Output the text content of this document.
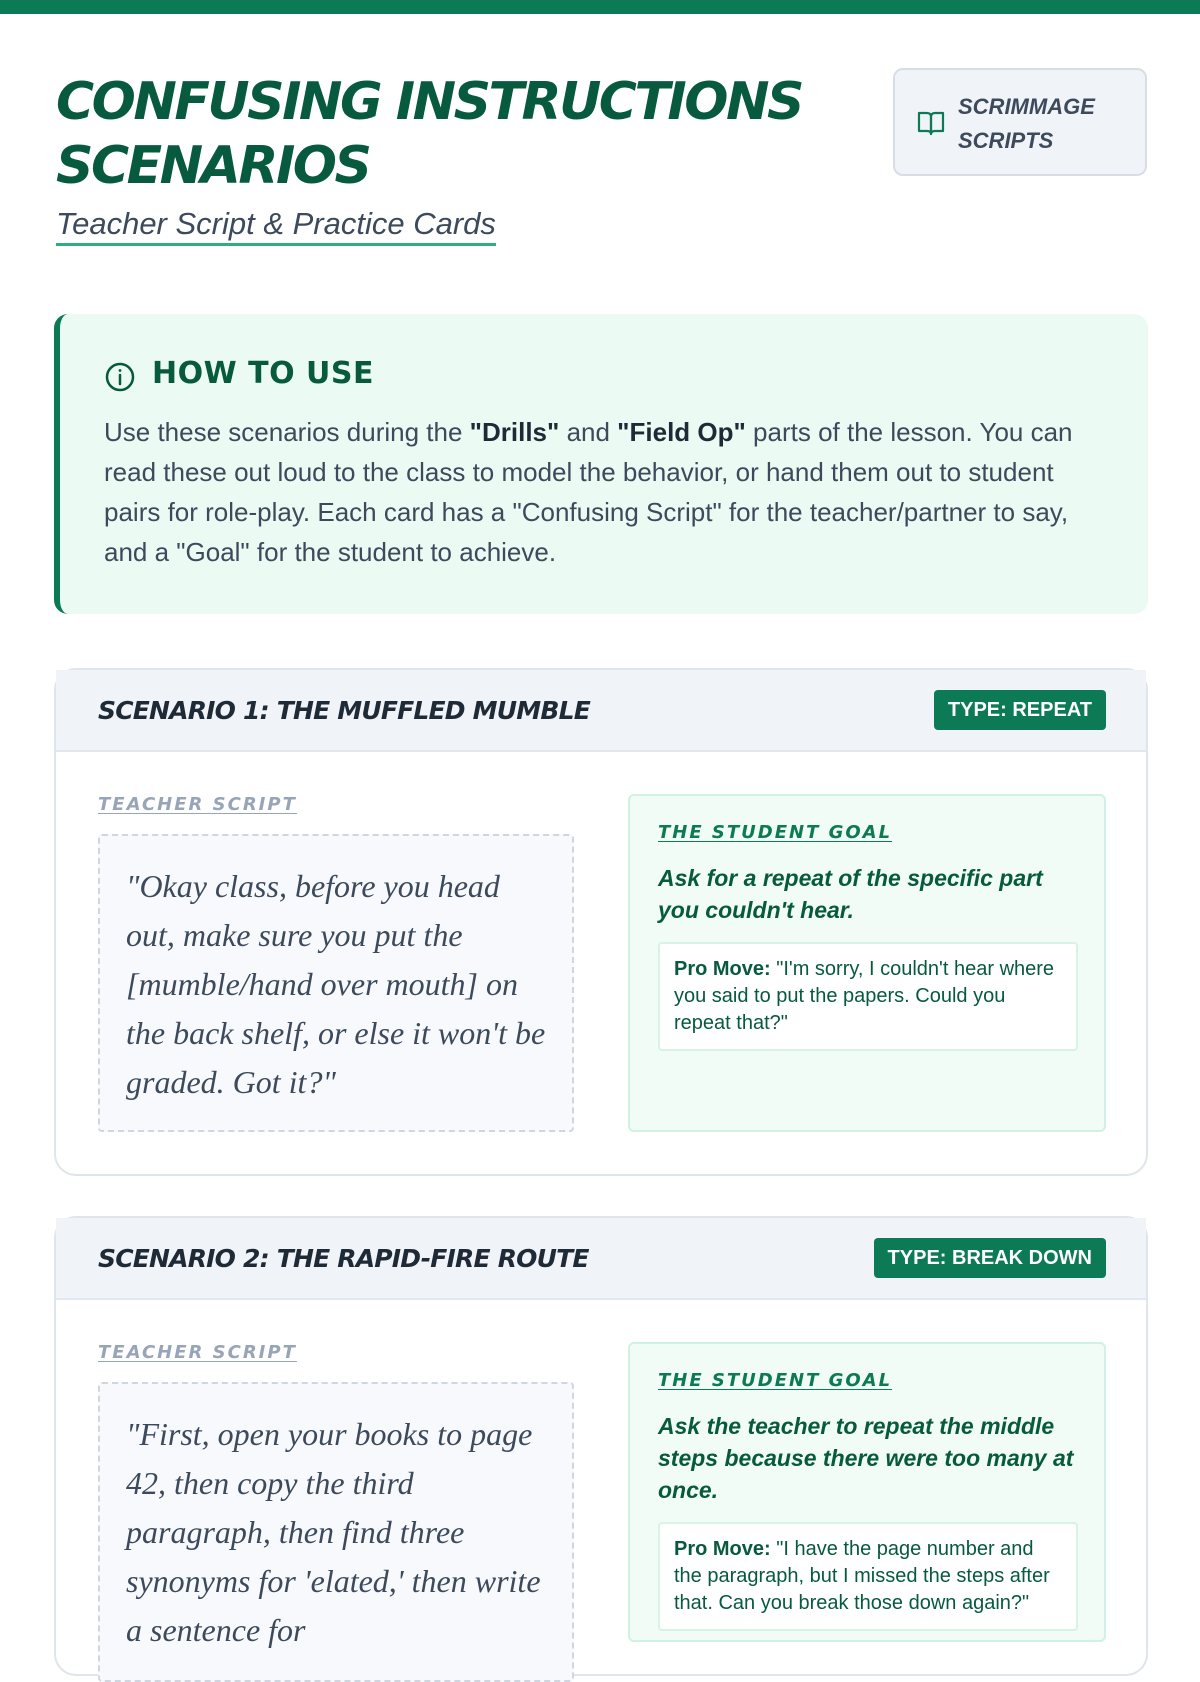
CONFUSING INSTRUCTIONS SCENARIOS
Teacher Script & Practice Cards
SCRIMMAGE SCRIPTS
HOW TO USE

Use these scenarios during the "Drills" and "Field Op" parts of the lesson. You can read these out loud to the class to model the behavior, or hand them out to student pairs for role-play. Each card has a "Confusing Script" for the teacher/partner to say, and a "Goal" for the student to achieve.

SCENARIO 1: THE MUFFLED MUMBLE	TYPE: REPEAT
TEACHER SCRIPT
"Okay class, before you head out, make sure you put the [mumble/hand over mouth] on the back shelf, or else it won't be graded. Got it?"
THE STUDENT GOAL
Ask for a repeat of the specific part you couldn't hear.
Pro Move: "I'm sorry, I couldn't hear where you said to put the papers. Could you repeat that?"
SCENARIO 2: THE RAPID-FIRE ROUTE	TYPE: BREAK DOWN
TEACHER SCRIPT
"First, open your books to page 42, then copy the third paragraph, then find three synonyms for 'elated,' then write a sentence for
THE STUDENT GOAL
Ask the teacher to repeat the middle steps because there were too many at once.
Pro Move: "I have the page number and the paragraph, but I missed the steps after that. Can you break those down again?"
